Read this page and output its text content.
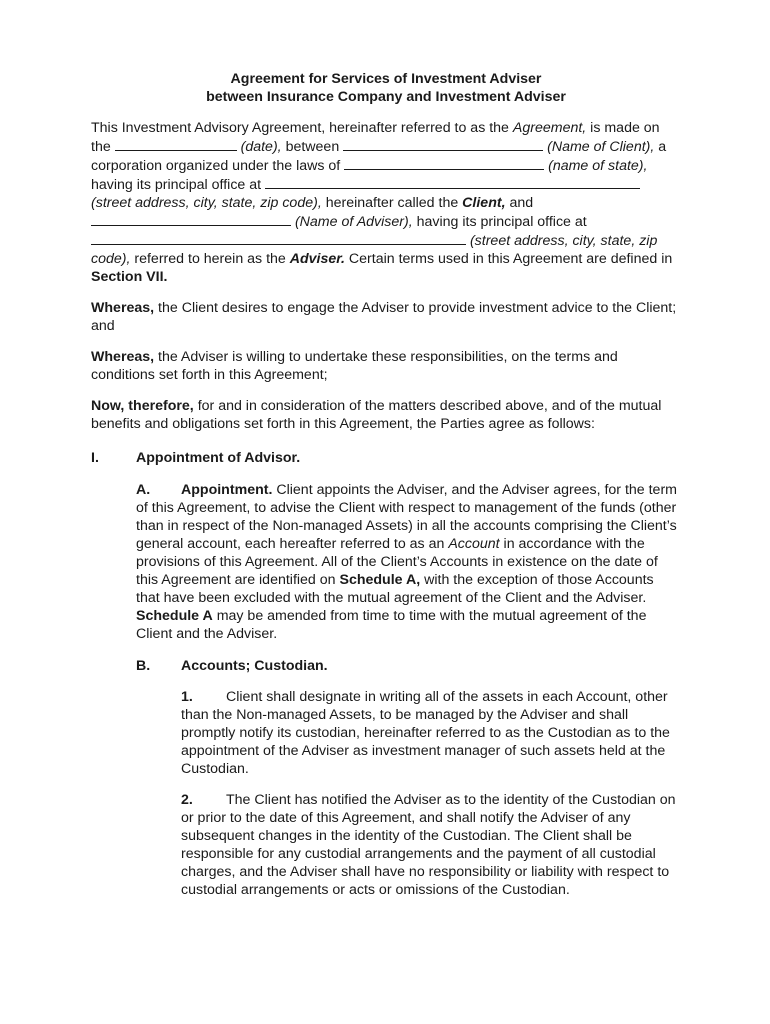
Agreement for Services of Investment Adviser
between Insurance Company and Investment Adviser
This Investment Advisory Agreement, hereinafter referred to as the Agreement, is made on the	(date), between	(Name of Client), a corporation organized under the laws of	(name of state), having its principal office at  (street address, city, state, zip code), hereinafter called the Client, and  (Name of Adviser), having its principal office at  (street address, city, state, zip code), referred to herein as the Adviser. Certain terms used in this Agreement are defined in Section VII.
Whereas, the Client desires to engage the Adviser to provide investment advice to the Client; and
Whereas, the Adviser is willing to undertake these responsibilities, on the terms and conditions set forth in this Agreement;
Now, therefore, for and in consideration of the matters described above, and of the mutual benefits and obligations set forth in this Agreement, the Parties agree as follows:
I.	Appointment of Advisor.
A. Appointment. Client appoints the Adviser, and the Adviser agrees, for the term of this Agreement, to advise the Client with respect to management of the funds (other than in respect of the Non-managed Assets) in all the accounts comprising the Client’s general account, each hereafter referred to as an Account in accordance with the provisions of this Agreement. All of the Client’s Accounts in existence on the date of this Agreement are identified on Schedule A, with the exception of those Accounts that have been excluded with the mutual agreement of the Client and the Adviser. Schedule A may be amended from time to time with the mutual agreement of the Client and the Adviser.
B. Accounts; Custodian.
1. Client shall designate in writing all of the assets in each Account, other than the Non-managed Assets, to be managed by the Adviser and shall promptly notify its custodian, hereinafter referred to as the Custodian as to the appointment of the Adviser as investment manager of such assets held at the Custodian.
2. The Client has notified the Adviser as to the identity of the Custodian on or prior to the date of this Agreement, and shall notify the Adviser of any subsequent changes in the identity of the Custodian. The Client shall be responsible for any custodial arrangements and the payment of all custodial charges, and the Adviser shall have no responsibility or liability with respect to custodial arrangements or acts or omissions of the Custodian.
